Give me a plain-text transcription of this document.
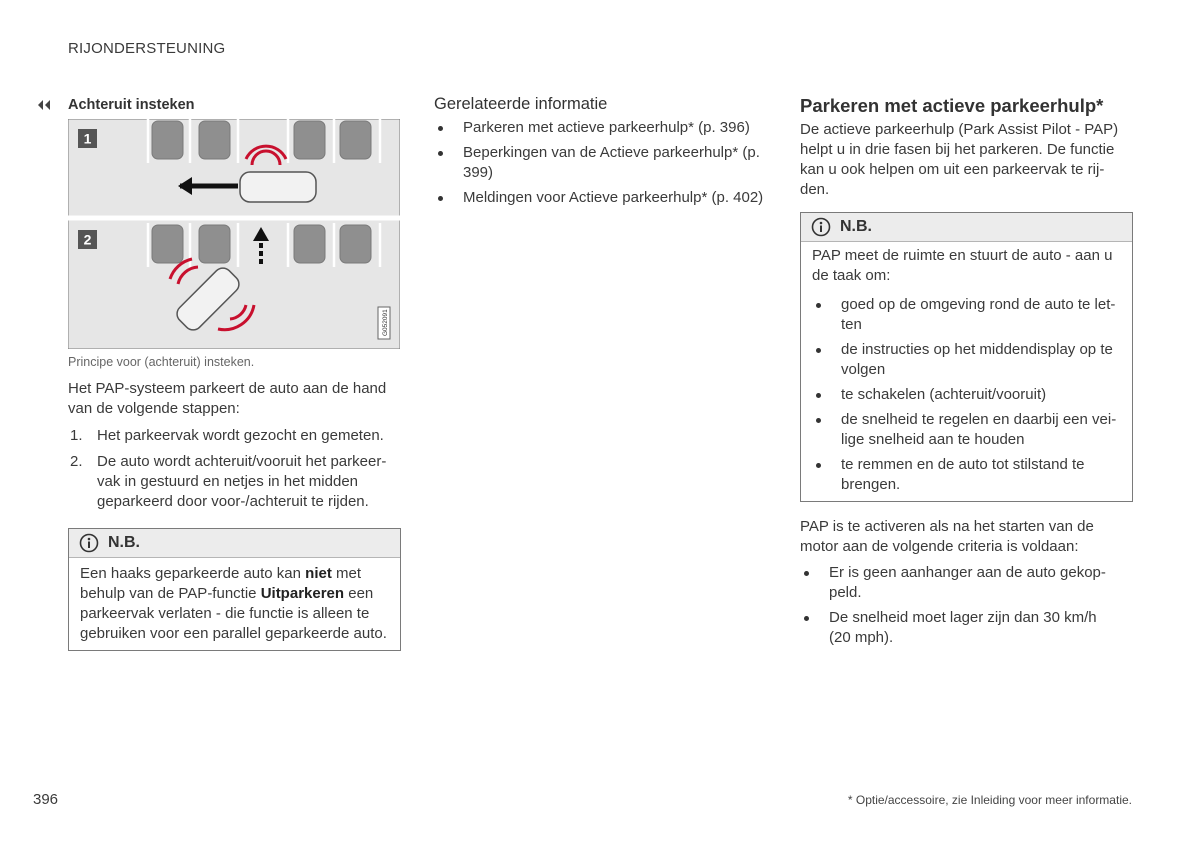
RIJONDERSTEUNING
Achteruit insteken
1
2
G052091
Principe voor (achteruit) insteken.

Het PAP-systeem parkeert de auto aan de hand van de volgende stappen:

1. Het parkeervak wordt gezocht en gemeten.
2. De auto wordt achteruit/vooruit het parkeer-vak in gestuurd en netjes in het midden geparkeerd door voor-/achteruit te rijden.
N.B.
Een haaks geparkeerde auto kan niet met behulp van de PAP-functie Uitparkeren een parkeervak verlaten - die functie is alleen te gebruiken voor een parallel geparkeerde auto.
Gerelateerde informatie
Parkeren met actieve parkeerhulp* (p. 396)
Beperkingen van de Actieve parkeerhulp* (p. 399)
Meldingen voor Actieve parkeerhulp* (p. 402)
Parkeren met actieve parkeerhulp*

De actieve parkeerhulp (Park Assist Pilot - PAP) helpt u in drie fasen bij het parkeren. De functie kan u ook helpen om uit een parkeervak te rij-den.

N.B.
PAP meet de ruimte en stuurt de auto - aan u de taak om:
goed op de omgeving rond de auto te let-ten
de instructies op het middendisplay op te volgen
te schakelen (achteruit/vooruit)
de snelheid te regelen en daarbij een vei-lige snelheid aan te houden
te remmen en de auto tot stilstand te brengen.

PAP is te activeren als na het starten van de motor aan de volgende criteria is voldaan:

Er is geen aanhanger aan de auto gekop-peld.
De snelheid moet lager zijn dan 30 km/h (20 mph).
396	* Optie/accessoire, zie Inleiding voor meer informatie.
